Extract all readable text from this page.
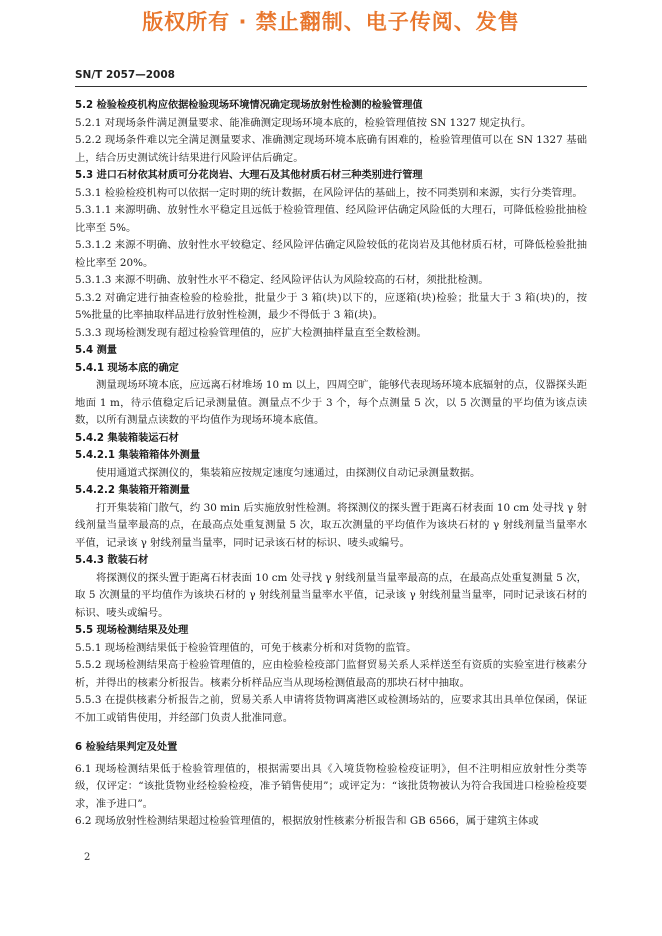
版权所有 · 禁止翻制、电子传阅、发售
SN/T 2057—2008

5.2 检验检疫机构应依据检验现场环境情况确定现场放射性检测的检验管理值

5.2.1 对现场条件满足测量要求、能准确测定现场环境本底的，检验管理值按 SN 1327 规定执行。

5.2.2 现场条件难以完全满足测量要求、准确测定现场环境本底确有困难的，检验管理值可以在 SN 1327 基础上，结合历史测试统计结果进行风险评估后确定。

5.3 进口石材依其材质可分花岗岩、大理石及其他材质石材三种类别进行管理

5.3.1 检验检疫机构可以依据一定时期的统计数据，在风险评估的基础上，按不同类别和来源，实行分类管理。

5.3.1.1 来源明确、放射性水平稳定且远低于检验管理值、经风险评估确定风险低的大理石，可降低检验批抽检比率至 5%。

5.3.1.2 来源不明确、放射性水平较稳定、经风险评估确定风险较低的花岗岩及其他材质石材，可降低检验批抽检比率至 20%。

5.3.1.3 来源不明确、放射性水平不稳定、经风险评估认为风险较高的石材，须批批检测。

5.3.2 对确定进行抽查检验的检验批，批量少于 3 箱(块)以下的，应逐箱(块)检验；批量大于 3 箱(块)的，按 5%批量的比率抽取样品进行放射性检测，最少不得低于 3 箱(块)。

5.3.3 现场检测发现有超过检验管理值的，应扩大检测抽样量直至全数检测。

5.4 测量

5.4.1 现场本底的确定

测量现场环境本底，应远离石材堆场 10 m 以上，四周空旷，能够代表现场环境本底辐射的点，仪器探头距地面 1 m，待示值稳定后记录测量值。测量点不少于 3 个，每个点测量 5 次，以 5 次测量的平均值为该点读数，以所有测量点读数的平均值作为现场环境本底值。

5.4.2 集装箱装运石材

5.4.2.1 集装箱箱体外测量

使用通道式探测仪的，集装箱应按规定速度匀速通过，由探测仪自动记录测量数据。

5.4.2.2 集装箱开箱测量

打开集装箱门散气，约 30 min 后实施放射性检测。将探测仪的探头置于距离石材表面 10 cm 处寻找 γ 射线剂量当量率最高的点，在最高点处重复测量 5 次，取五次测量的平均值作为该块石材的 γ 射线剂量当量率水平值，记录该 γ 射线剂量当量率，同时记录该石材的标识、唛头或编号。

5.4.3 散装石材

将探测仪的探头置于距离石材表面 10 cm 处寻找 γ 射线剂量当量率最高的点，在最高点处重复测量 5 次，取 5 次测量的平均值作为该块石材的 γ 射线剂量当量率水平值，记录该 γ 射线剂量当量率，同时记录该石材的标识、唛头或编号。

5.5 现场检测结果及处理

5.5.1 现场检测结果低于检验管理值的，可免于核素分析和对货物的监管。

5.5.2 现场检测结果高于检验管理值的，应由检验检疫部门监督贸易关系人采样送至有资质的实验室进行核素分析，并得出的核素分析报告。核素分析样品应当从现场检测值最高的那块石材中抽取。

5.5.3 在提供核素分析报告之前，贸易关系人申请将货物调离港区或检测场站的，应要求其出具单位保函，保证不加工或销售使用，并经部门负责人批准同意。

6 检验结果判定及处置

6.1 现场检测结果低于检验管理值的，根据需要出具《入境货物检验检疫证明》，但不注明相应放射性分类等级，仅评定：“该批货物业经检验检疫，准予销售使用”；或评定为：“该批货物被认为符合我国进口检验检疫要求，准予进口”。

6.2 现场放射性检测结果超过检验管理值的，根据放射性核素分析报告和 GB 6566，属于建筑主体或

2
